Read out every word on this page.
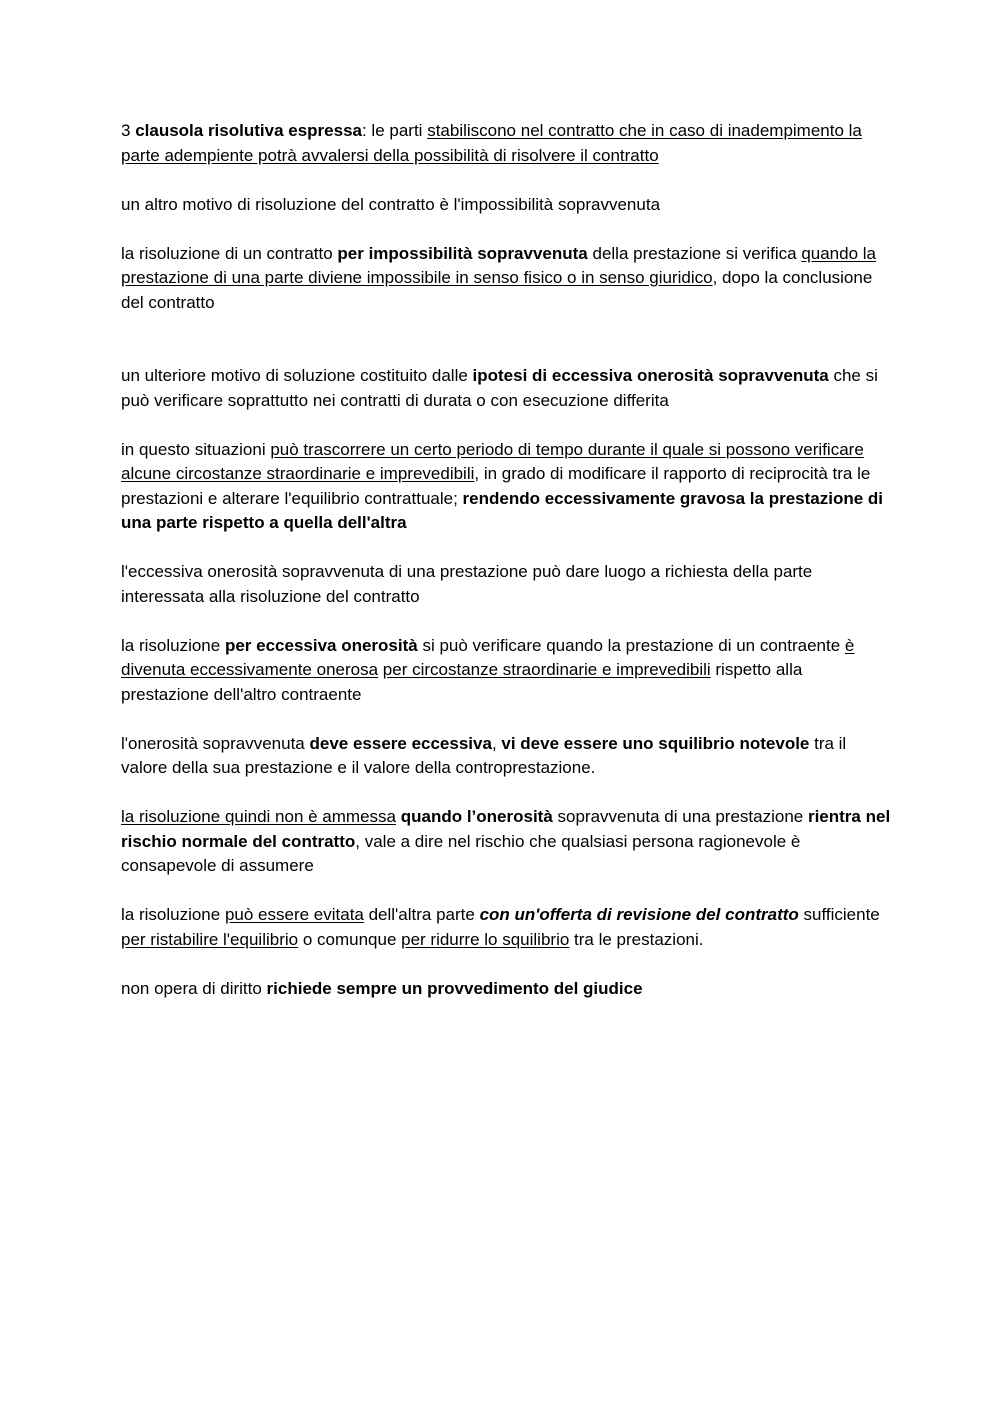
3 clausola risolutiva espressa: le parti stabiliscono nel contratto che in caso di inadempimento la parte adempiente potrà avvalersi della possibilità di risolvere il contratto

un altro motivo di risoluzione del contratto è l'impossibilità sopravvenuta

la risoluzione di un contratto per impossibilità sopravvenuta della prestazione si verifica quando la prestazione di una parte diviene impossibile in senso fisico o in senso giuridico, dopo la conclusione del contratto

un ulteriore motivo di soluzione costituito dalle ipotesi di eccessiva onerosità sopravvenuta che si può verificare soprattutto nei contratti di durata o con esecuzione differita

in questo situazioni può trascorrere un certo periodo di tempo durante il quale si possono verificare alcune circostanze straordinarie e imprevedibili, in grado di modificare il rapporto di reciprocità tra le prestazioni e alterare l'equilibrio contrattuale; rendendo eccessivamente gravosa la prestazione di una parte rispetto a quella dell'altra

l'eccessiva onerosità sopravvenuta di una prestazione può dare luogo a richiesta della parte interessata alla risoluzione del contratto

la risoluzione per eccessiva onerosità si può verificare quando la prestazione di un contraente è divenuta eccessivamente onerosa per circostanze straordinarie e imprevedibili rispetto alla prestazione dell'altro contraente

l'onerosità sopravvenuta deve essere eccessiva, vi deve essere uno squilibrio notevole tra il valore della sua prestazione e il valore della controprestazione.

la risoluzione quindi non è ammessa quando l’onerosità sopravvenuta di una prestazione rientra nel rischio normale del contratto, vale a dire nel rischio che qualsiasi persona ragionevole è consapevole di assumere

la risoluzione può essere evitata dell'altra parte con un'offerta di revisione del contratto sufficiente per ristabilire l'equilibrio o comunque per ridurre lo squilibrio tra le prestazioni.

non opera di diritto richiede sempre un provvedimento del giudice
